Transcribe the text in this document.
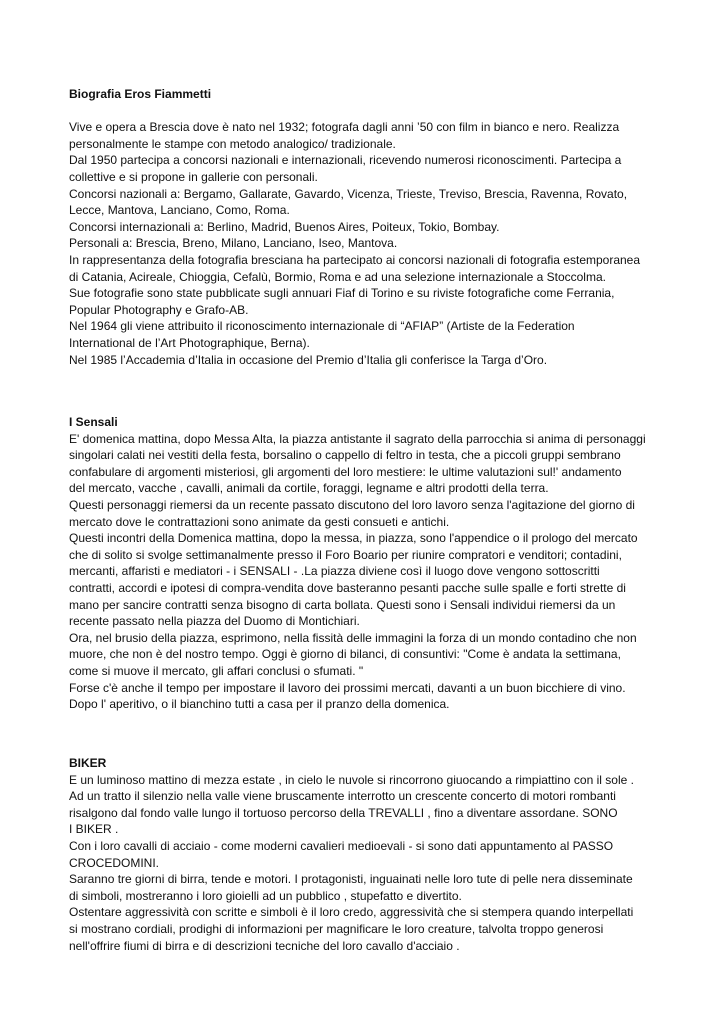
Biografia Eros Fiammetti

Vive e opera a Brescia dove è nato nel 1932; fotografa dagli anni ’50 con film in bianco e nero. Realizza

personalmente le stampe con metodo analogico/ tradizionale.

Dal 1950 partecipa a concorsi nazionali e internazionali, ricevendo numerosi riconoscimenti. Partecipa a

collettive e si propone in gallerie con personali.

Concorsi nazionali a: Bergamo, Gallarate, Gavardo, Vicenza, Trieste, Treviso, Brescia, Ravenna, Rovato,

Lecce, Mantova, Lanciano, Como, Roma.

Concorsi internazionali a: Berlino, Madrid, Buenos Aires, Poiteux, Tokio, Bombay.

Personali a: Brescia, Breno, Milano, Lanciano, Iseo, Mantova.

In rappresentanza della fotografia bresciana ha partecipato ai concorsi nazionali di fotografia estemporanea

di Catania, Acireale, Chioggia, Cefalù, Bormio, Roma e ad una selezione internazionale a Stoccolma.

Sue fotografie sono state pubblicate sugli annuari Fiaf di Torino e su riviste fotografiche come Ferrania,

Popular Photography e Grafo-AB.

Nel 1964 gli viene attribuito il riconoscimento internazionale di “AFIAP” (Artiste de la Federation

International de l’Art Photographique, Berna).

Nel 1985 l’Accademia d’Italia in occasione del Premio d’Italia gli conferisce la Targa d’Oro.

I Sensali

E' domenica mattina, dopo Messa Alta, la piazza antistante il sagrato della parrocchia si anima di personaggi

singolari calati nei vestiti della festa, borsalino o cappello di feltro in testa, che a piccoli gruppi sembrano

confabulare di argomenti misteriosi, gli argomenti del loro mestiere: le ultime valutazioni sul!' andamento

del mercato, vacche , cavalli, animali da cortile, foraggi, legname e altri prodotti della terra.

Questi personaggi riemersi da un recente passato discutono del loro lavoro senza l'agitazione del giorno di

mercato dove le contrattazioni sono animate da gesti consueti e antichi.

Questi incontri della Domenica mattina, dopo la messa, in piazza, sono l'appendice o il prologo del mercato

che di solito si svolge settimanalmente presso il Foro Boario per riunire compratori e venditori; contadini,

mercanti, affaristi e mediatori - i SENSALI - .La piazza diviene così il luogo dove vengono sottoscritti

contratti, accordi e ipotesi di compra-vendita dove basteranno pesanti pacche sulle spalle e forti strette di

mano per sancire contratti senza bisogno di carta bollata. Questi sono i Sensali individui riemersi da un

recente passato nella piazza del Duomo di Montichiari.

Ora, nel brusio della piazza, esprimono, nella fissità delle immagini la forza di un mondo contadino che non

muore, che non è del nostro tempo. Oggi è giorno di bilanci, di consuntivi: "Come è andata la settimana,

come si muove il mercato, gli affari conclusi o sfumati. "

Forse c'è anche il tempo per impostare il lavoro dei prossimi mercati, davanti a un buon bicchiere di vino.

Dopo l' aperitivo, o il bianchino tutti a casa per il pranzo della domenica.

BIKER

E un luminoso mattino di mezza estate , in cielo le nuvole si rincorrono giuocando a rimpiattino con il sole .

Ad un tratto il silenzio nella valle viene bruscamente interrotto un crescente concerto di motori rombanti

risalgono dal fondo valle lungo il tortuoso percorso della TREVALLI , fino a diventare assordane. SONO

I BIKER .

Con i loro cavalli di acciaio - come moderni cavalieri medioevali - si sono dati appuntamento al PASSO

CROCEDOMINI.

Saranno tre giorni di birra, tende e motori. I protagonisti, inguainati nelle loro tute di pelle nera disseminate

di simboli, mostreranno i loro gioielli ad un pubblico , stupefatto e divertito.

Ostentare aggressività con scritte e simboli è il loro credo, aggressività che si stempera quando interpellati

si mostrano cordiali, prodighi di informazioni per magnificare le loro creature, talvolta troppo generosi

nell'offrire fiumi di birra e di descrizioni tecniche del loro cavallo d'acciaio .
